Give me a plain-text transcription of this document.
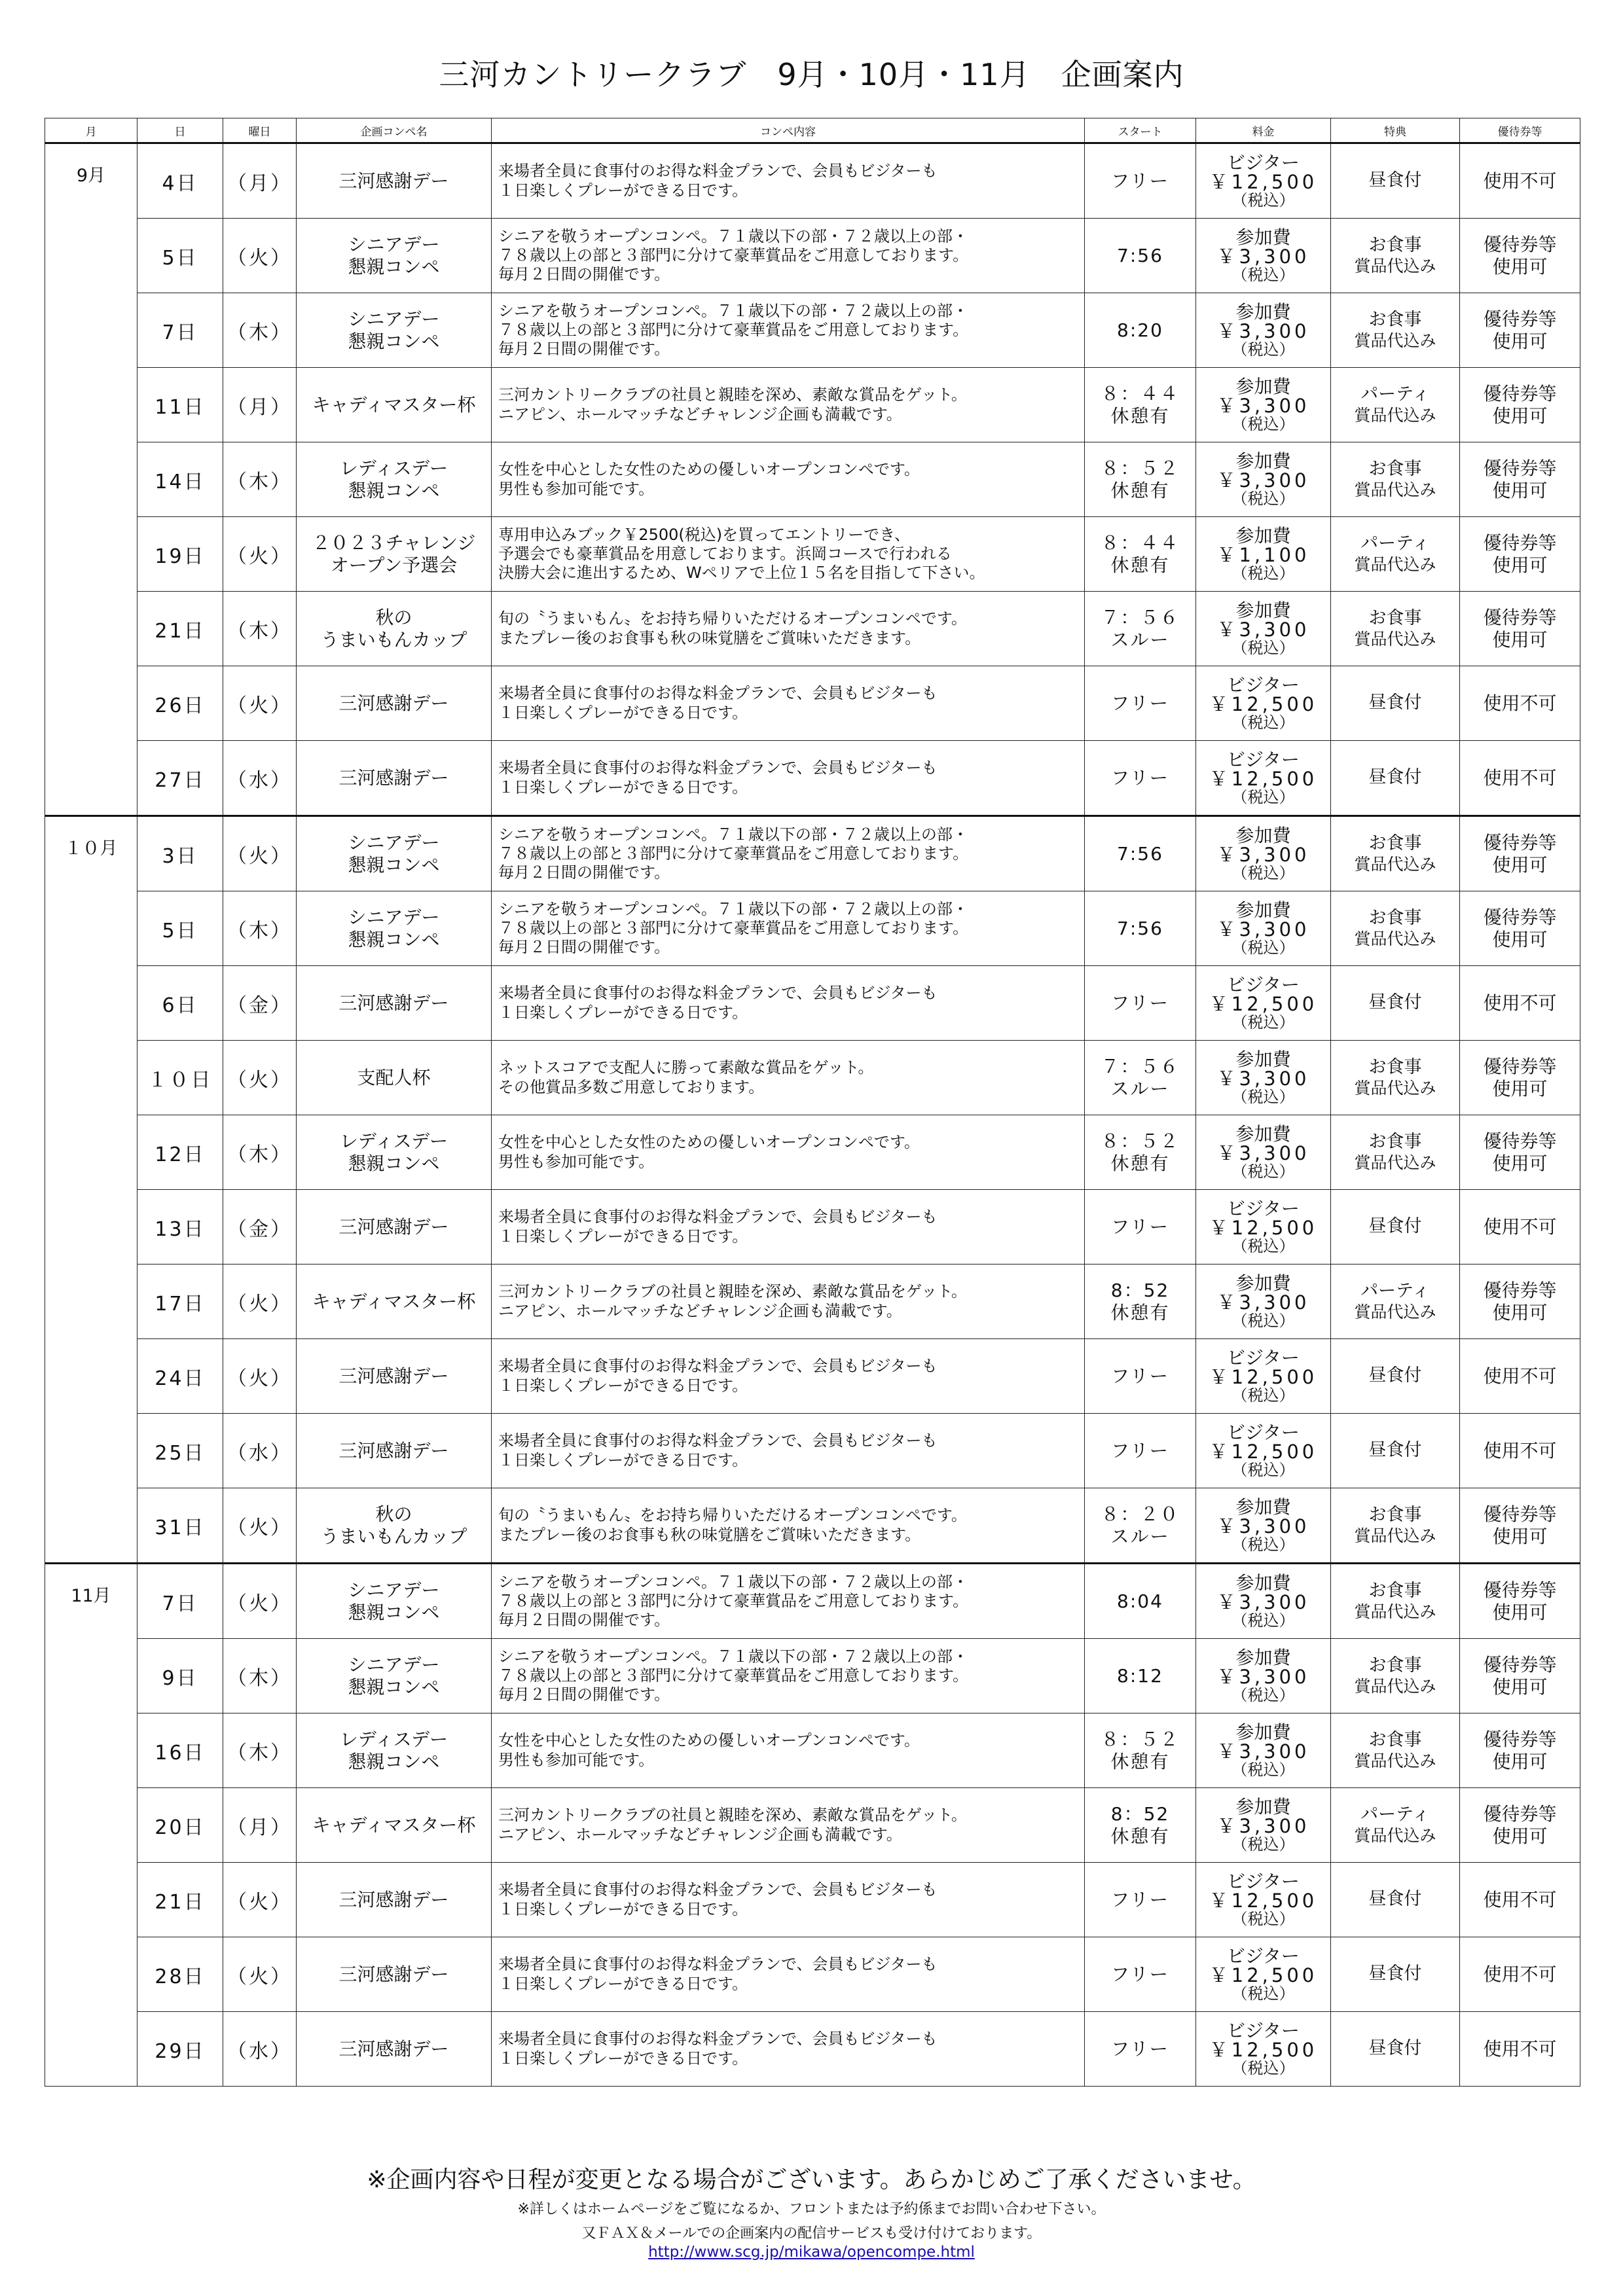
三河カントリークラブ　9月・10月・11月　企画案内
月	日	曜日	企画コンペ名	コンペ内容	スタート	料金	特典	優待券等
9月	4日	（月）	三河感謝デー	来場者全員に食事付のお得な料金プランで、会員もビジターも
１日楽しくプレーができる日です。	フリー	ビジター
￥12,500
（税込）	昼食付	使用不可

	5日	（火）	シニアデー
懇親コンペ	シニアを敬うオープンコンペ。７１歳以下の部・７２歳以上の部・
７８歳以上の部と３部門に分けて豪華賞品をご用意しております。
毎月２日間の開催です。	7:56	参加費
￥3,300
（税込）	お食事
賞品代込み	優待券等
使用可

	7日	（木）	シニアデー
懇親コンペ	シニアを敬うオープンコンペ。７１歳以下の部・７２歳以上の部・
７８歳以上の部と３部門に分けて豪華賞品をご用意しております。
毎月２日間の開催です。	8:20	参加費
￥3,300
（税込）	お食事
賞品代込み	優待券等
使用可

	11日	（月）	キャディマスター杯	三河カントリークラブの社員と親睦を深め、素敵な賞品をゲット。
ニアピン、ホールマッチなどチャレンジ企画も満載です。	８：４４
休憩有	参加費
￥3,300
（税込）	パーティ
賞品代込み	優待券等
使用可

	14日	（木）	レディスデー
懇親コンペ	女性を中心とした女性のための優しいオープンコンペです。
男性も参加可能です。	８：５２
休憩有	参加費
￥3,300
（税込）	お食事
賞品代込み	優待券等
使用可

	19日	（火）	２０２３チャレンジ
オープン予選会	専用申込みブック￥2500(税込)を買ってエントリーでき、
予選会でも豪華賞品を用意しております。浜岡コースで行われる
決勝大会に進出するため、Wペリアで上位１５名を目指して下さい。	８：４４
休憩有	参加費
￥1,100
（税込）	パーティ
賞品代込み	優待券等
使用可

	21日	（木）	秋の
うまいもんカップ	旬の〝うまいもん〟をお持ち帰りいただけるオープンコンペです。
またプレー後のお食事も秋の味覚膳をご賞味いただきます。	７：５６
スルー	参加費
￥3,300
（税込）	お食事
賞品代込み	優待券等
使用可

	26日	（火）	三河感謝デー	来場者全員に食事付のお得な料金プランで、会員もビジターも
１日楽しくプレーができる日です。	フリー	ビジター
￥12,500
（税込）	昼食付	使用不可

	27日	（水）	三河感謝デー	来場者全員に食事付のお得な料金プランで、会員もビジターも
１日楽しくプレーができる日です。	フリー	ビジター
￥12,500
（税込）	昼食付	使用不可

１０月	3日	（火）	シニアデー
懇親コンペ	シニアを敬うオープンコンペ。７１歳以下の部・７２歳以上の部・
７８歳以上の部と３部門に分けて豪華賞品をご用意しております。
毎月２日間の開催です。	7:56	参加費
￥3,300
（税込）	お食事
賞品代込み	優待券等
使用可

	5日	（木）	シニアデー
懇親コンペ	シニアを敬うオープンコンペ。７１歳以下の部・７２歳以上の部・
７８歳以上の部と３部門に分けて豪華賞品をご用意しております。
毎月２日間の開催です。	7:56	参加費
￥3,300
（税込）	お食事
賞品代込み	優待券等
使用可

	6日	（金）	三河感謝デー	来場者全員に食事付のお得な料金プランで、会員もビジターも
１日楽しくプレーができる日です。	フリー	ビジター
￥12,500
（税込）	昼食付	使用不可

	１０日	（火）	支配人杯	ネットスコアで支配人に勝って素敵な賞品をゲット。
その他賞品多数ご用意しております。	７：５６
スルー	参加費
￥3,300
（税込）	お食事
賞品代込み	優待券等
使用可

	12日	（木）	レディスデー
懇親コンペ	女性を中心とした女性のための優しいオープンコンペです。
男性も参加可能です。	８：５２
休憩有	参加費
￥3,300
（税込）	お食事
賞品代込み	優待券等
使用可

	13日	（金）	三河感謝デー	来場者全員に食事付のお得な料金プランで、会員もビジターも
１日楽しくプレーができる日です。	フリー	ビジター
￥12,500
（税込）	昼食付	使用不可

	17日	（火）	キャディマスター杯	三河カントリークラブの社員と親睦を深め、素敵な賞品をゲット。
ニアピン、ホールマッチなどチャレンジ企画も満載です。	8：52
休憩有	参加費
￥3,300
（税込）	パーティ
賞品代込み	優待券等
使用可

	24日	（火）	三河感謝デー	来場者全員に食事付のお得な料金プランで、会員もビジターも
１日楽しくプレーができる日です。	フリー	ビジター
￥12,500
（税込）	昼食付	使用不可

	25日	（水）	三河感謝デー	来場者全員に食事付のお得な料金プランで、会員もビジターも
１日楽しくプレーができる日です。	フリー	ビジター
￥12,500
（税込）	昼食付	使用不可

	31日	（火）	秋の
うまいもんカップ	旬の〝うまいもん〟をお持ち帰りいただけるオープンコンペです。
またプレー後のお食事も秋の味覚膳をご賞味いただきます。	８：２０
スルー	参加費
￥3,300
（税込）	お食事
賞品代込み	優待券等
使用可

11月	7日	（火）	シニアデー
懇親コンペ	シニアを敬うオープンコンペ。７１歳以下の部・７２歳以上の部・
７８歳以上の部と３部門に分けて豪華賞品をご用意しております。
毎月２日間の開催です。	8:04	参加費
￥3,300
（税込）	お食事
賞品代込み	優待券等
使用可

	9日	（木）	シニアデー
懇親コンペ	シニアを敬うオープンコンペ。７１歳以下の部・７２歳以上の部・
７８歳以上の部と３部門に分けて豪華賞品をご用意しております。
毎月２日間の開催です。	8:12	参加費
￥3,300
（税込）	お食事
賞品代込み	優待券等
使用可

	16日	（木）	レディスデー
懇親コンペ	女性を中心とした女性のための優しいオープンコンペです。
男性も参加可能です。	８：５２
休憩有	参加費
￥3,300
（税込）	お食事
賞品代込み	優待券等
使用可

	20日	（月）	キャディマスター杯	三河カントリークラブの社員と親睦を深め、素敵な賞品をゲット。
ニアピン、ホールマッチなどチャレンジ企画も満載です。	8：52
休憩有	参加費
￥3,300
（税込）	パーティ
賞品代込み	優待券等
使用可

	21日	（火）	三河感謝デー	来場者全員に食事付のお得な料金プランで、会員もビジターも
１日楽しくプレーができる日です。	フリー	ビジター
￥12,500
（税込）	昼食付	使用不可

	28日	（火）	三河感謝デー	来場者全員に食事付のお得な料金プランで、会員もビジターも
１日楽しくプレーができる日です。	フリー	ビジター
￥12,500
（税込）	昼食付	使用不可

	29日	（水）	三河感謝デー	来場者全員に食事付のお得な料金プランで、会員もビジターも
１日楽しくプレーができる日です。	フリー	ビジター
￥12,500
（税込）	昼食付	使用不可
※企画内容や日程が変更となる場合がございます。あらかじめご了承くださいませ。
※詳しくはホームページをご覧になるか、フロントまたは予約係までお問い合わせ下さい。
又ＦＡＸ＆メールでの企画案内の配信サービスも受け付けております。
http://www.scg.jp/mikawa/opencompe.html
